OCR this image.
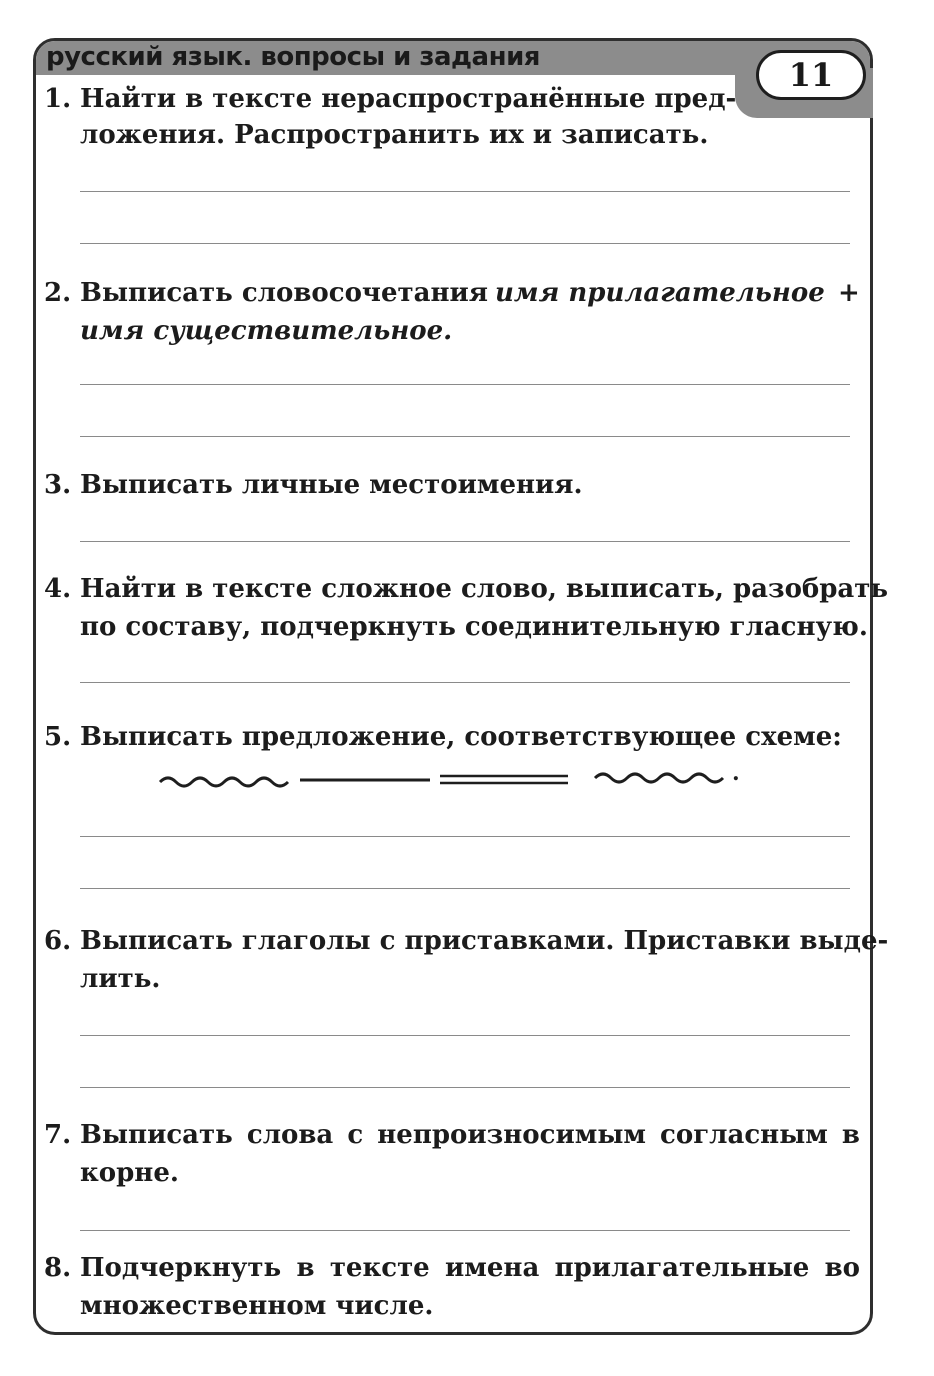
русский язык. вопросы и задания	11
1. Найти в тексте нераспространённые пред-
ложения. Распространить их и записать.
2. Выписать словосочетания имя прилагательное +
имя существительное.
3. Выписать личные местоимения.
4. Найти в тексте сложное слово, выписать, разобрать
по составу, подчеркнуть соединительную гласную.
5. Выписать предложение, соответствующее схеме:
.
6. Выписать глаголы с приставками. Приставки выде-
лить.
7. Выписать слова с непроизносимым согласным в
корне.
8. Подчеркнуть в тексте имена прилагательные во
множественном числе.
